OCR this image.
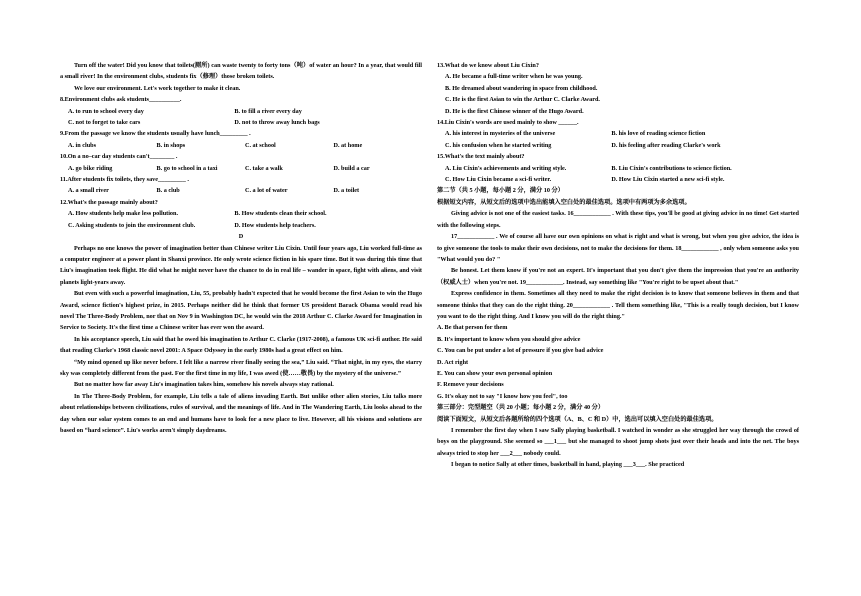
Turn off the water! Did you know that toilets(厕所) can waste twenty to forty tons（吨）of water an hour? In a year, that would fill a small river! In the environment clubs, students fix（修理）those broken toilets.

We love our environment. Let's work together to make it clean.

8.Environment clubs ask students__________.

A. to run to school every day	B. to fill a river every day
C. not to forget to take cars	D. not to throw away lunch bags

9.From the passage we know the students usually have lunch_________ .

A. in clubs	B. in shops	C. at school	D. at home

10.On a no–car day students can't________ .

A. go bike riding	B. go to school in a taxi	C. take a walk	D. build a car

11.After students fix toilets, they save_________ .

A. a small river	B. a club	C. a lot of water	D. a toilet

12.What's the passage mainly about?

A. How students help make less pollution.	B. How students clean their school.
C. Asking students to join the environment club.	D. How students help teachers.

D

Perhaps no one knows the power of imagination better than Chinese writer Liu Cixin. Until four years ago, Liu worked full-time as a computer engineer at a power plant in Shanxi province. He only wrote science fiction in his spare time. But it was during this time that Liu's imagination took flight. He did what he might never have the chance to do in real life – wander in space, fight with aliens, and visit planets light-years away.

But even with such a powerful imagination, Liu, 55, probably hadn't expected that he would become the first Asian to win the Hugo Award, science fiction's highest prize, in 2015. Perhaps neither did he think that former US president Barack Obama would read his novel The Three-Body Problem, nor that on Nov 9 in Washington DC, he would win the 2018 Arthur C. Clarke Award for Imagination in Service to Society. It's the first time a Chinese writer has ever won the award.

In his acceptance speech, Liu said that he owed his imagination to Arthur C. Clarke (1917-2008), a famous UK sci-fi author. He said that reading Clarke's 1968 classic novel 2001: A Space Odyssey in the early 1980s had a great effect on him.

“My mind opened up like never before. I felt like a narrow river finally seeing the sea,” Liu said. “That night, in my eyes, the starry sky was completely different from the past. For the first time in my life, I was awed (使……敬畏) by the mystery of the universe.”

But no matter how far away Liu's imagination takes him, somehow his novels always stay rational.

In The Three-Body Problem, for example, Liu tells a tale of aliens invading Earth. But unlike other alien stories, Liu talks more about relationships between civilizations, rules of survival, and the meanings of life. And in The Wandering Earth, Liu looks ahead to the day when our solar system comes to an end and humans have to look for a new place to live. However, all his visions and solutions are based on “hard science”. Liu's works aren't simply daydreams.

13.What do we know about Liu Cixin?

A. He became a full-time writer when he was young.

B. He dreamed about wandering in space from childhood.

C. He is the first Asian to win the Arthur C. Clarke Award.

D. He is the first Chinese winner of the Hugo Award.

14.Liu Cixin's words are used mainly to show ______.

A. his interest in mysteries of the universe	B. his love of reading science fiction
C. his confusion when he started writing	D. his feeling after reading Clarke's work

15.What's the text mainly about?

A. Liu Cixin's achievements and writing style.	B. Liu Cixin's contributions to science fiction.
C. How Liu Cixin became a sci-fi writer.	D. How Liu Cixin started a new sci-fi style.

第二节（共 5 小题，每小题 2 分，满分 10 分）

根据短文内容，从短文后的选项中选出能填入空白处的最佳选项。选项中有两项为多余选项。

Giving advice is not one of the easiest tasks. 16____________ . With these tips, you'll be good at giving advice in no time! Get started with the following steps.

17____________ . We of course all have our own opinions on what is right and what is wrong, but when you give advice, the idea is to give someone the tools to make their own decisions, not to make the decisions for them. 18____________ , only when someone asks you "What would you do? "

Be honest. Let them know if you're not an expert. It's important that you don't give them the impression that you're an authority（权威人士）when you're not. 19____________. Instead, say something like "You're right to be upset about that."

Express confidence in them. Sometimes all they need to make the right decision is to know that someone believes in them and that someone thinks that they can do the right thing. 20____________ . Tell them something like, "This is a really tough decision, but I know you want to do the right thing. And I know you will do the right thing."

A. Be that person for them

B. It's important to know when you should give advice

C. You can be put under a lot of pressure if you give bad advice

D. Act right

E. You can show your own personal opinion

F. Remove your decisions

G. It's okay not to say "I know how you feel", too

第三部分：完型题空（共 20 小题；每小题 2 分，满分 40 分）

阅读下面短文，从短文后各题所给的四个选项（A、B、C 和 D）中，选出可以填入空白处的最佳选项。

I remember the first day when I saw Sally playing basketball. I watched in wonder as she struggled her way through the crowd of boys on the playground. She seemed so ___1___ but she managed to shoot jump shots just over their heads and into the net. The boys always tried to stop her ___2___ nobody could.

I began to notice Sally at other times, basketball in hand, playing ___3___. She practiced
